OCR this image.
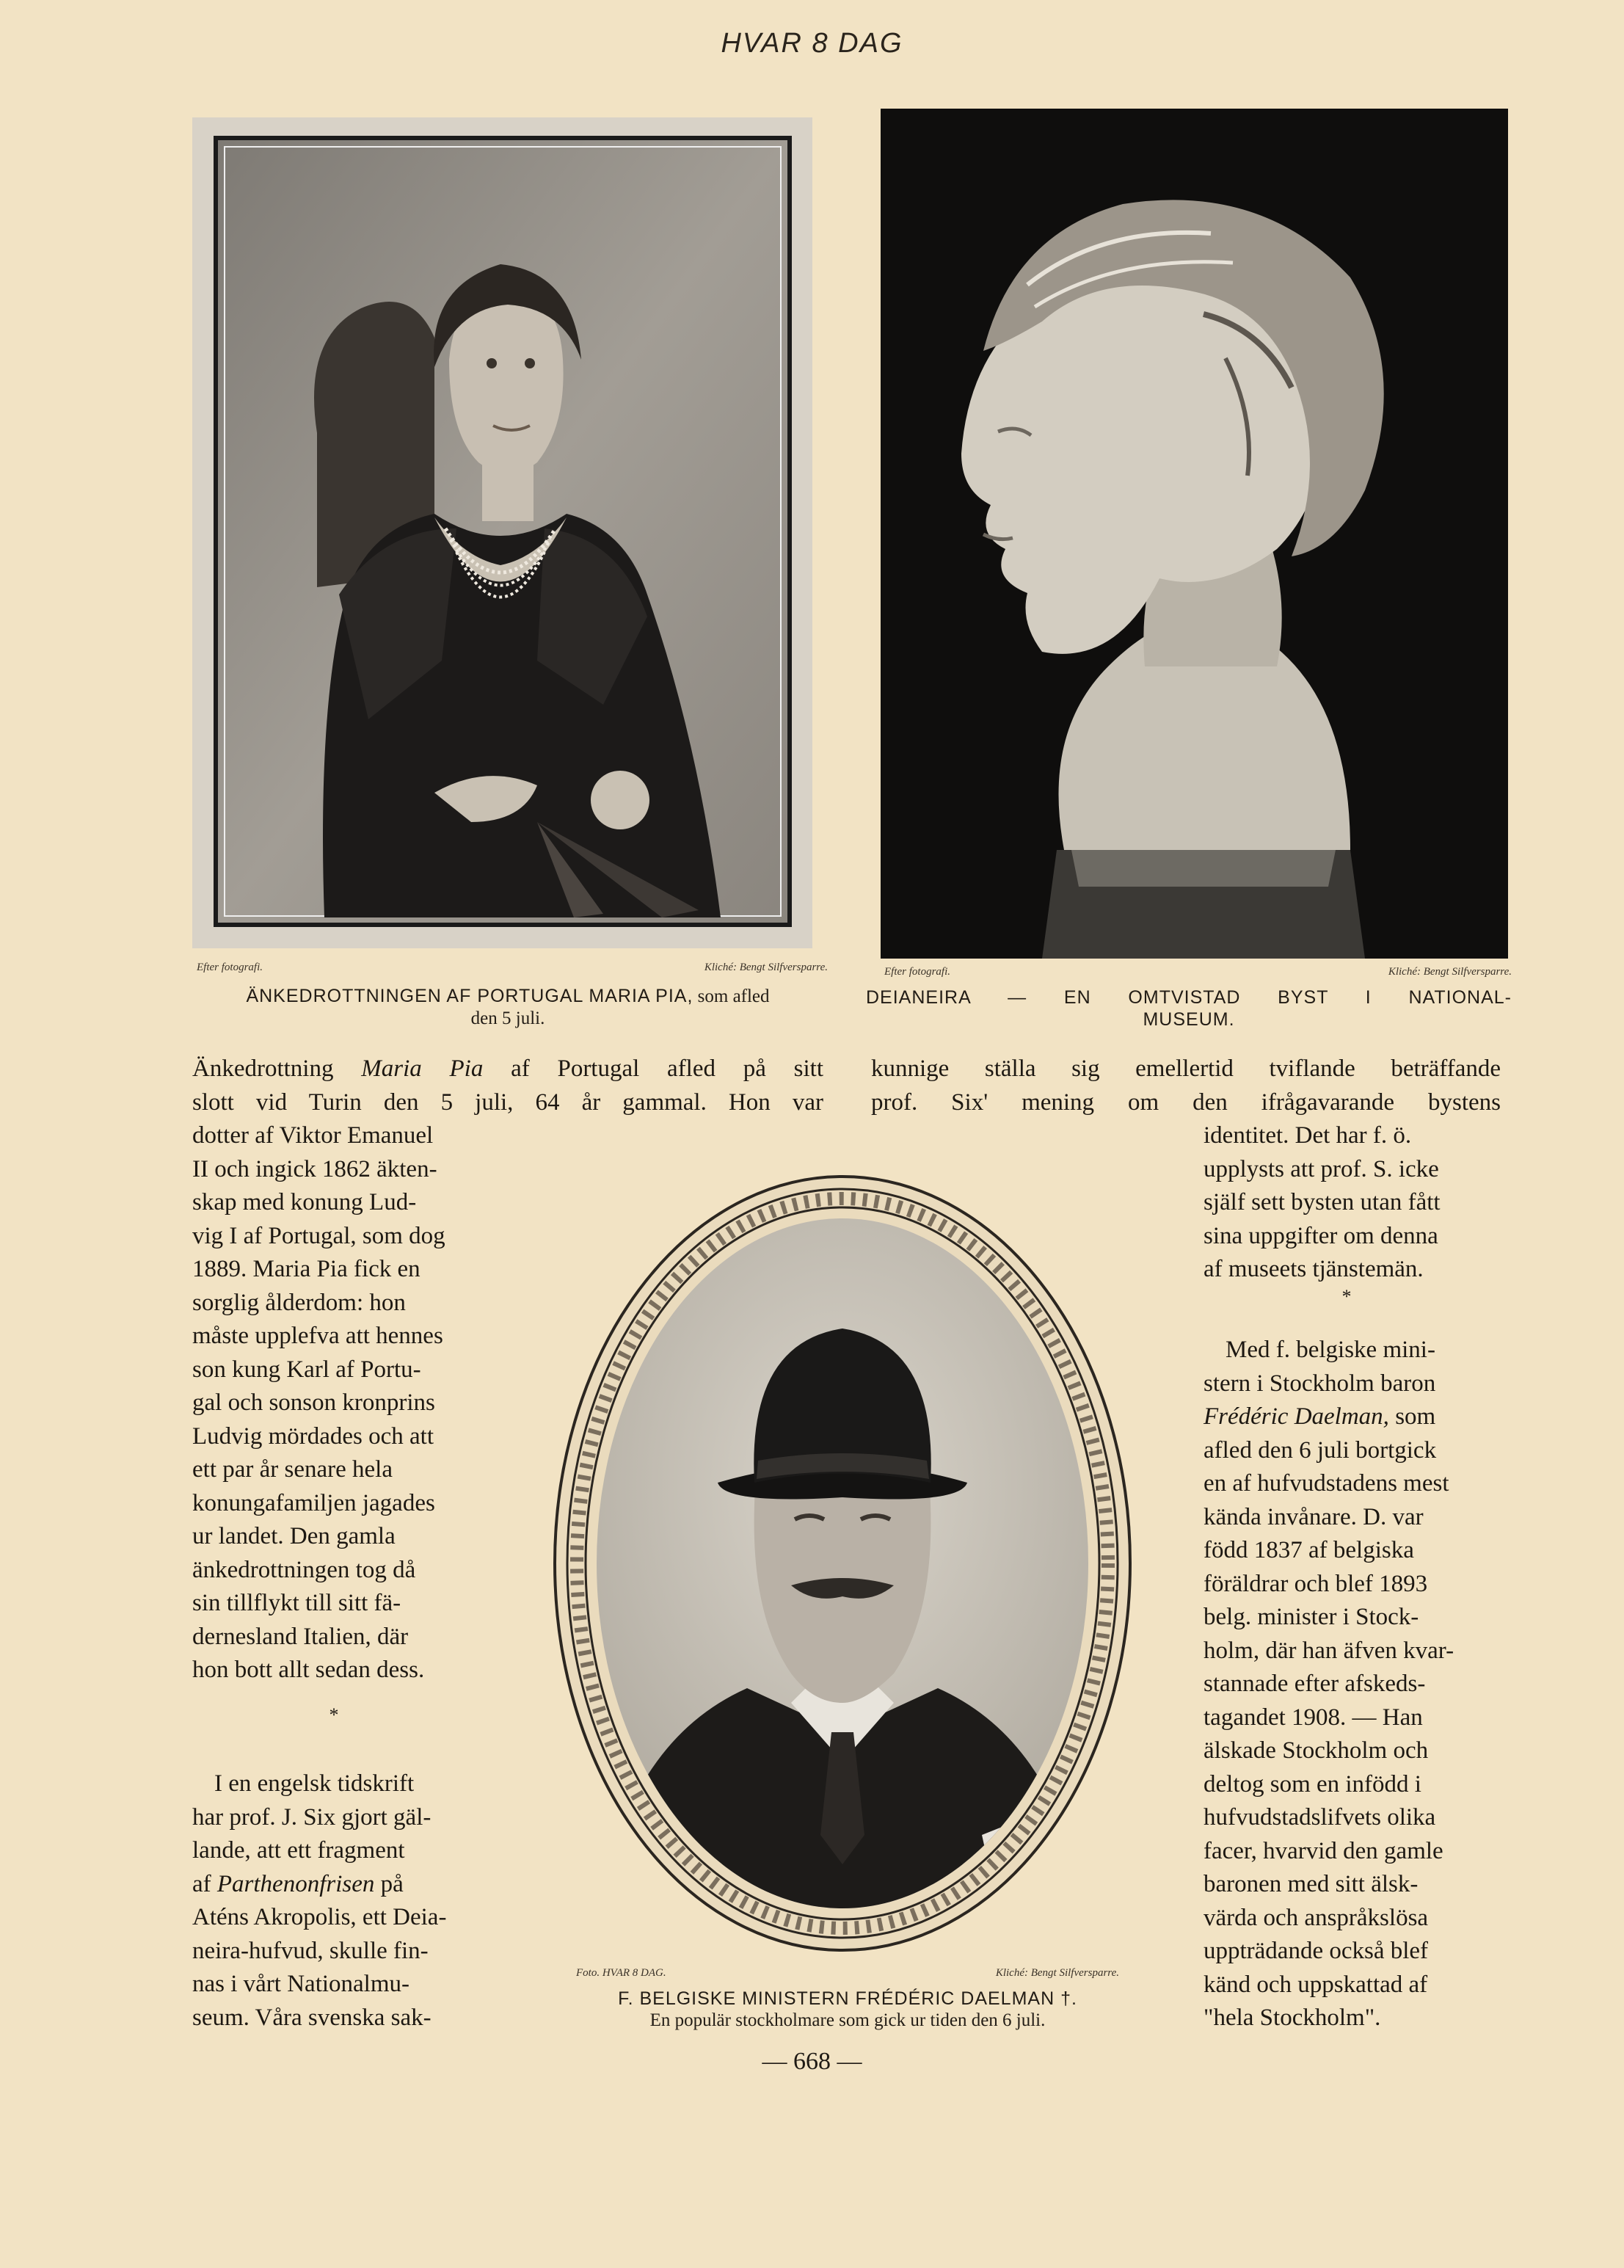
HVAR 8 DAG
Efter fotografi.	Kliché: Bengt Silfversparre.
ÄNKEDROTTNINGEN AF PORTUGAL MARIA PIA, som afled
den 5 juli.
Efter fotografi.	Kliché: Bengt Silfversparre.
DEIANEIRA — EN OMTVISTAD BYST I NATIONAL-
MUSEUM.

Änkedrottning Maria Pia af Portugal afled på sitt

slott vid Turin den 5 juli, 64 år gammal. Hon var

dotter af Viktor Emanuel

II och ingick 1862 äkten-

skap med konung Lud-

vig I af Portugal, som dog

1889. Maria Pia fick en

sorglig ålderdom: hon

måste upplefva att hennes

son kung Karl af Portu-

gal och sonson kronprins

Ludvig mördades och att

ett par år senare hela

konungafamiljen jagades

ur landet. Den gamla

änkedrottningen tog då

sin tillflykt till sitt fä-

dernesland Italien, där

hon bott allt sedan dess.

*

I en engelsk tidskrift

har prof. J. Six gjort gäl-

lande, att ett fragment

af Parthenonfrisen på

Aténs Akropolis, ett Deia-

neira-hufvud, skulle fin-

nas i vårt Nationalmu-

seum. Våra svenska sak-

kunnige ställa sig emellertid tviflande beträffande

prof. Six' mening om den ifrågavarande bystens

identitet. Det har f. ö.

upplysts att prof. S. icke

själf sett bysten utan fått

sina uppgifter om denna

af museets tjänstemän.

*

Med f. belgiske mini-

stern i Stockholm baron

Frédéric Daelman, som

afled den 6 juli bortgick

en af hufvudstadens mest

kända invånare. D. var

född 1837 af belgiska

föräldrar och blef 1893

belg. minister i Stock-

holm, där han äfven kvar-

stannade efter afskeds-

tagandet 1908. — Han

älskade Stockholm och

deltog som en infödd i

hufvudstadslifvets olika

facer, hvarvid den gamle

baronen med sitt älsk-

värda och anspråkslösa

uppträdande också blef

känd och uppskattad af

"hela Stockholm".

Foto. HVAR 8 DAG.	Kliché: Bengt Silfversparre.
F. BELGISKE MINISTERN FRÉDÉRIC DAELMAN †.
En populär stockholmare som gick ur tiden den 6 juli.
— 668 —
